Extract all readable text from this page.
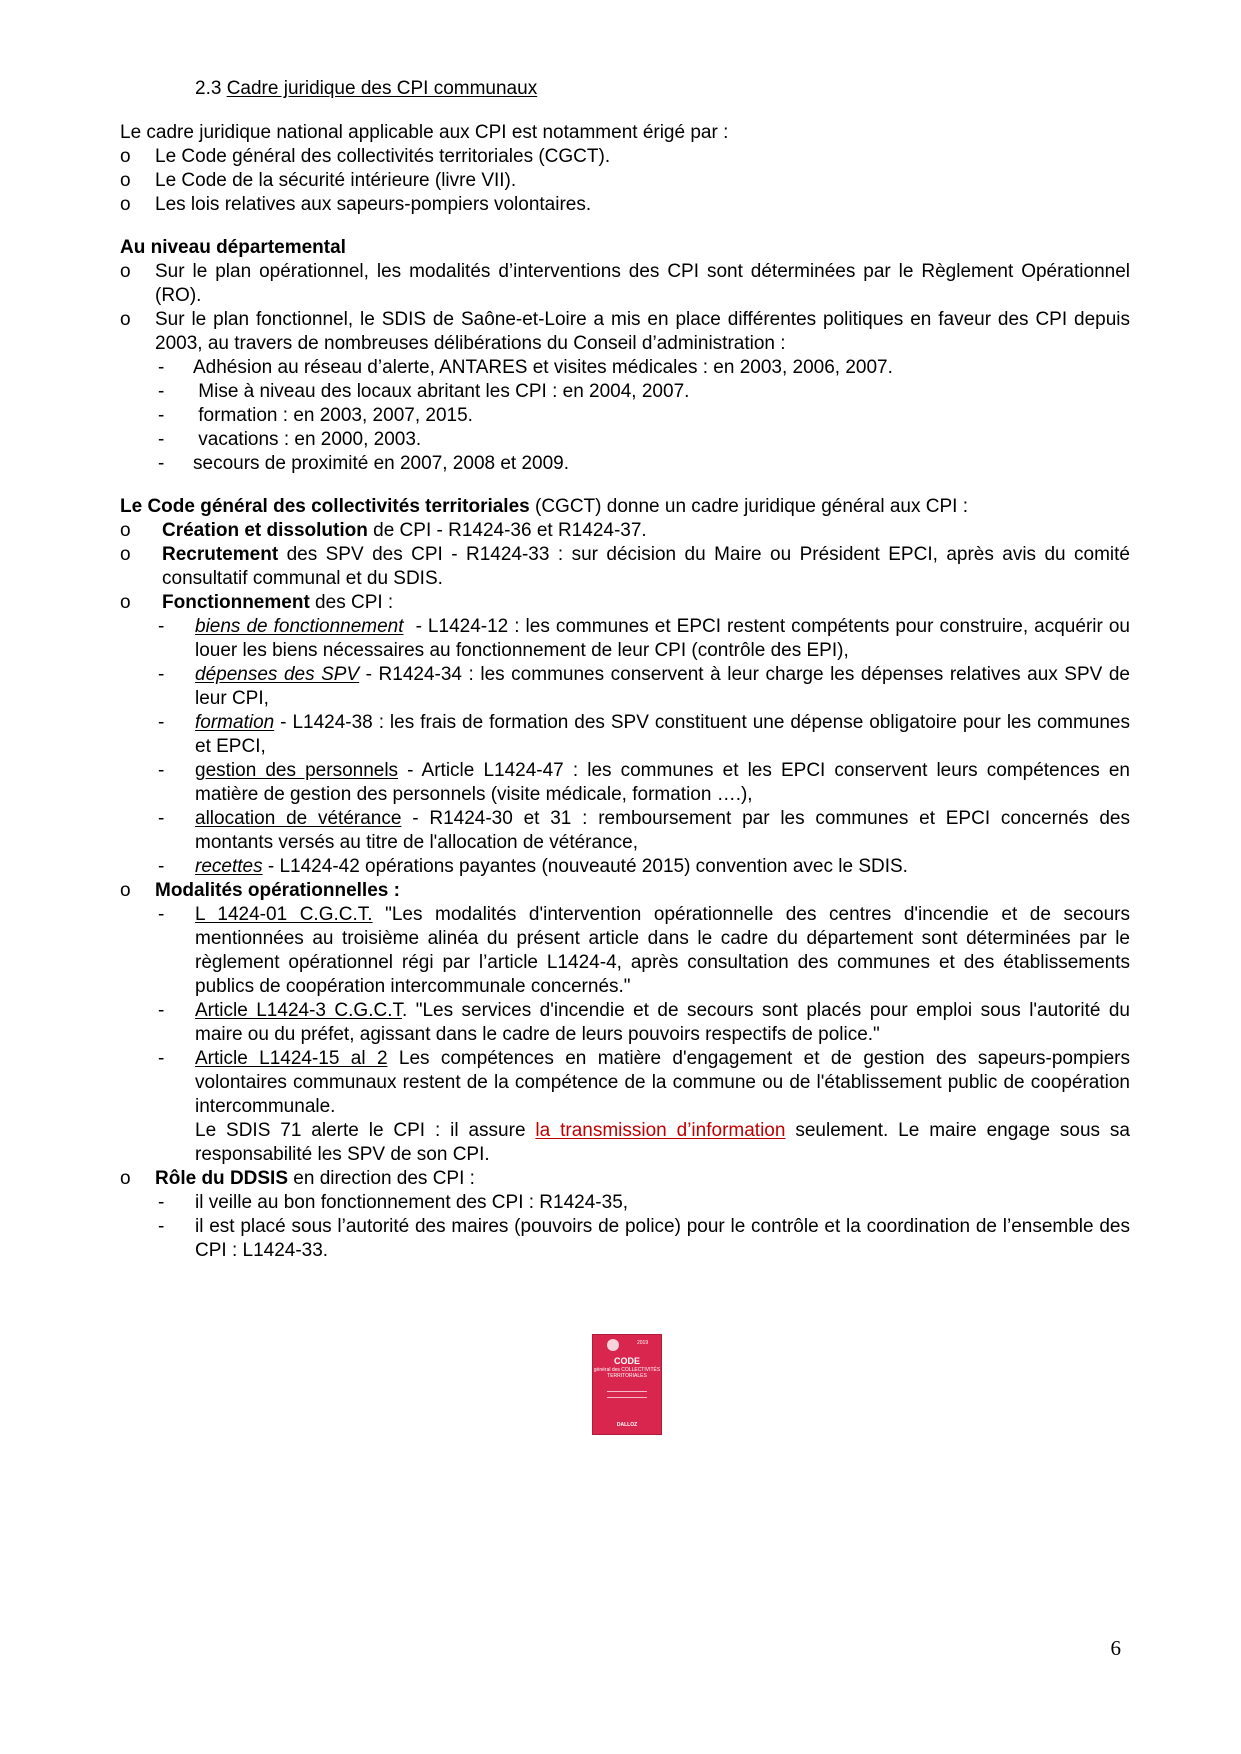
2.3 Cadre juridique des CPI communaux
Le cadre juridique national applicable aux CPI est notamment érigé par :
o Le Code général des collectivités territoriales (CGCT).
o Le Code de la sécurité intérieure (livre VII).
o Les lois relatives aux sapeurs-pompiers volontaires.
Au niveau départemental
o Sur le plan opérationnel, les modalités d’interventions des CPI sont déterminées par le Règlement Opérationnel (RO).
o Sur le plan fonctionnel, le SDIS de Saône-et-Loire a mis en place différentes politiques en faveur des CPI depuis 2003, au travers de nombreuses délibérations du Conseil d’administration :
- Adhésion au réseau d’alerte, ANTARES et visites médicales : en 2003, 2006, 2007.
- Mise à niveau des locaux abritant les CPI : en 2004, 2007.
- formation : en 2003, 2007, 2015.
- vacations : en 2000, 2003.
- secours de proximité en 2007, 2008 et 2009.
Le Code général des collectivités territoriales (CGCT) donne un cadre juridique général aux CPI :
o Création et dissolution de CPI - R1424-36 et R1424-37.
o Recrutement des SPV des CPI - R1424-33 : sur décision du Maire ou Président EPCI, après avis du comité consultatif communal et du SDIS.
o Fonctionnement des CPI :
- biens de fonctionnement  - L1424-12 : les communes et EPCI restent compétents pour construire, acquérir ou louer les biens nécessaires au fonctionnement de leur CPI (contrôle des EPI),
- dépenses des SPV - R1424-34 : les communes conservent à leur charge les dépenses relatives aux SPV de leur CPI,
- formation - L1424-38 : les frais de formation des SPV constituent une dépense obligatoire pour les communes et EPCI,
- gestion des personnels - Article L1424-47 : les communes et les EPCI conservent leurs compétences en matière de gestion des personnels (visite médicale, formation ….),
- allocation de vétérance - R1424-30 et 31 : remboursement par les communes et EPCI concernés des montants versés au titre de l'allocation de vétérance,
- recettes - L1424-42 opérations payantes (nouveauté 2015) convention avec le SDIS.
o Modalités opérationnelles :
- L 1424-01 C.G.C.T. "Les modalités d'intervention opérationnelle des centres d'incendie et de secours mentionnées au troisième alinéa du présent article dans le cadre du département sont déterminées par le règlement opérationnel régi par l’article L1424-4, après consultation des communes et des établissements publics de coopération intercommunale concernés."
- Article L1424-3 C.G.C.T. "Les services d'incendie et de secours sont placés pour emploi sous l'autorité du maire ou du préfet, agissant dans le cadre de leurs pouvoirs respectifs de police."
- Article L1424-15 al 2 Les compétences en matière d'engagement et de gestion des sapeurs-pompiers volontaires communaux restent de la compétence de la commune ou de l'établissement public de coopération intercommunale.
Le SDIS 71 alerte le CPI : il assure la transmission d’information seulement. Le maire engage sous sa responsabilité les SPV de son CPI.
o Rôle du DDSIS en direction des CPI :
- il veille au bon fonctionnement des CPI : R1424-35,
- il est placé sous l’autorité des maires (pouvoirs de police) pour le contrôle et la coordination de l’ensemble des CPI : L1424-33.
2019
CODE
général des COLLECTIVITÉS TERRITORIALES
DALLOZ
6
